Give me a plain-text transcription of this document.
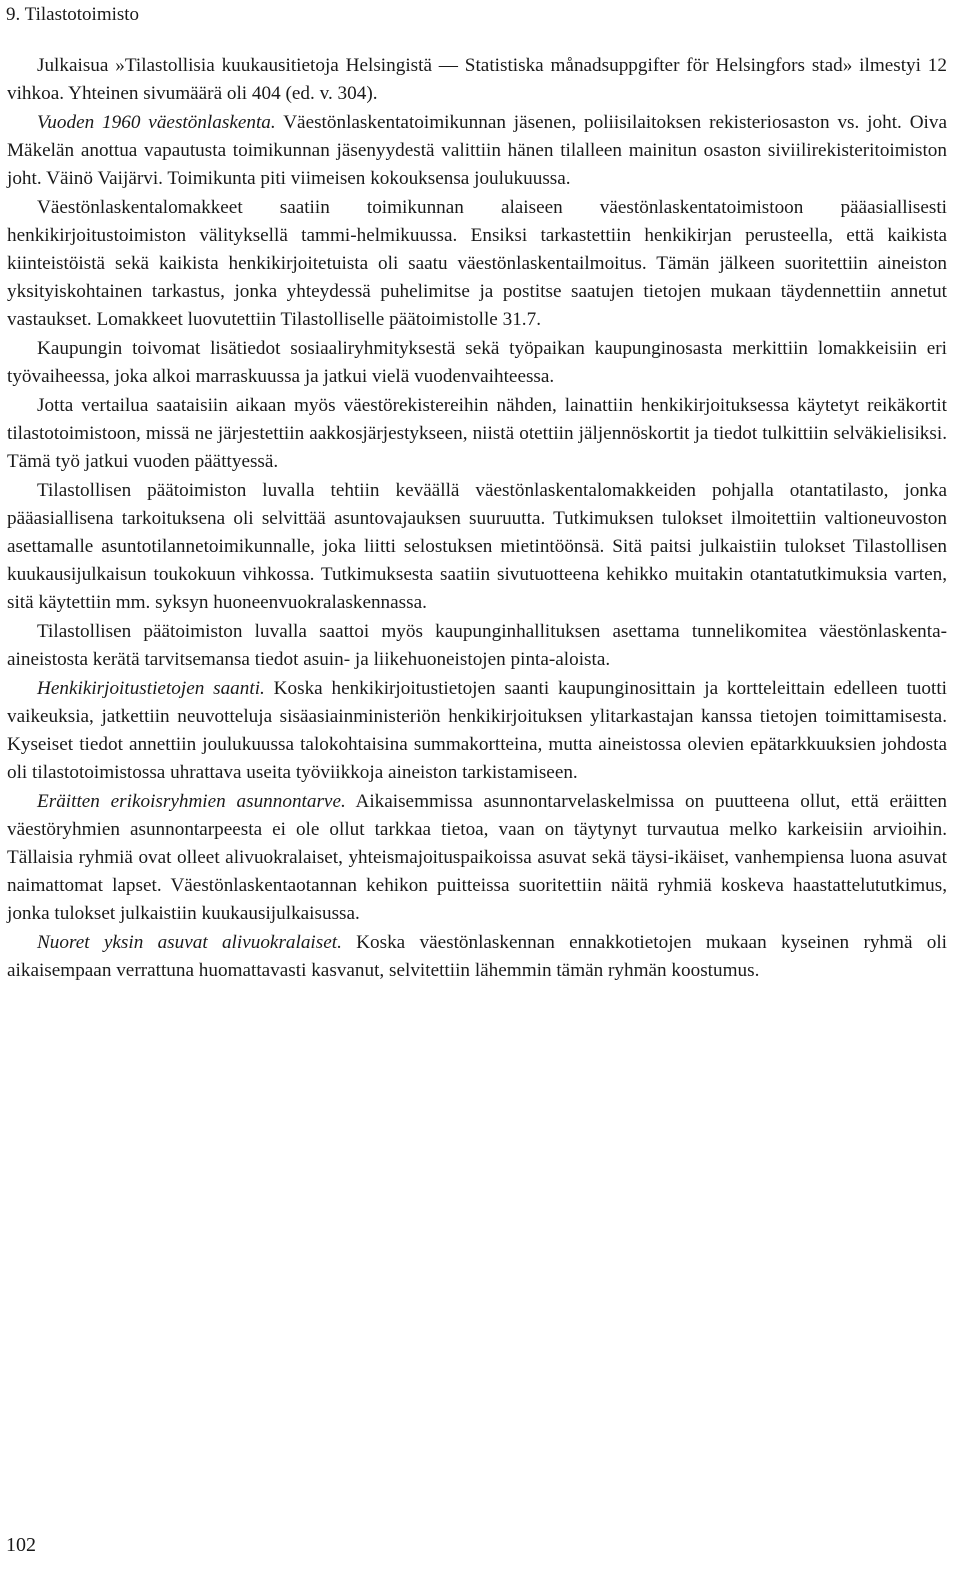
9. Tilastotoimisto

Julkaisua »Tilastollisia kuukausitietoja Helsingistä — Statistiska månadsuppgifter för Helsingfors stad» ilmestyi 12 vihkoa. Yhteinen sivumäärä oli 404 (ed. v. 304).

Vuoden 1960 väestönlaskenta. Väestönlaskentatoimikunnan jäsenen, poliisilaitoksen rekisteriosaston vs. joht. Oiva Mäkelän anottua vapautusta toimikunnan jäsenyydestä valittiin hänen tilalleen mainitun osaston siviilirekisteritoimiston joht. Väinö Vaijärvi. Toimikunta piti viimeisen kokouksensa joulukuussa.

Väestönlaskentalomakkeet saatiin toimikunnan alaiseen väestönlaskentatoimistoon pääasiallisesti henkikirjoitustoimiston välityksellä tammi-helmikuussa. Ensiksi tarkastettiin henkikirjan perusteella, että kaikista kiinteistöistä sekä kaikista henkikirjoitetuista oli saatu väestönlaskentailmoitus. Tämän jälkeen suoritettiin aineiston yksityiskohtainen tarkastus, jonka yhteydessä puhelimitse ja postitse saatujen tietojen mukaan täydennettiin annetut vastaukset. Lomakkeet luovutettiin Tilastolliselle päätoimistolle 31.7.

Kaupungin toivomat lisätiedot sosiaaliryhmityksestä sekä työpaikan kaupunginosasta merkittiin lomakkeisiin eri työvaiheessa, joka alkoi marraskuussa ja jatkui vielä vuodenvaihteessa.

Jotta vertailua saataisiin aikaan myös väestörekistereihin nähden, lainattiin henkikirjoituksessa käytetyt reikäkortit tilastotoimistoon, missä ne järjestettiin aakkosjärjestykseen, niistä otettiin jäljennöskortit ja tiedot tulkittiin selväkielisiksi. Tämä työ jatkui vuoden päättyessä.

Tilastollisen päätoimiston luvalla tehtiin keväällä väestönlaskentalomakkeiden pohjalla otantatilasto, jonka pääasiallisena tarkoituksena oli selvittää asuntovajauksen suuruutta. Tutkimuksen tulokset ilmoitettiin valtioneuvoston asettamalle asuntotilannetoimikunnalle, joka liitti selostuksen mietintöönsä. Sitä paitsi julkaistiin tulokset Tilastollisen kuukausijulkaisun toukokuun vihkossa. Tutkimuksesta saatiin sivutuotteena kehikko muitakin otantatutkimuksia varten, sitä käytettiin mm. syksyn huoneenvuokralaskennassa.

Tilastollisen päätoimiston luvalla saattoi myös kaupunginhallituksen asettama tunnelikomitea väestönlaskenta-aineistosta kerätä tarvitsemansa tiedot asuin- ja liikehuoneistojen pinta-aloista.

Henkikirjoitustietojen saanti. Koska henkikirjoitustietojen saanti kaupunginosittain ja kortteleittain edelleen tuotti vaikeuksia, jatkettiin neuvotteluja sisäasiainministeriön henkikirjoituksen ylitarkastajan kanssa tietojen toimittamisesta. Kyseiset tiedot annettiin joulukuussa talokohtaisina summakortteina, mutta aineistossa olevien epätarkkuuksien johdosta oli tilastotoimistossa uhrattava useita työviikkoja aineiston tarkistamiseen.

Eräitten erikoisryhmien asunnontarve. Aikaisemmissa asunnontarvelaskelmissa on puutteena ollut, että eräitten väestöryhmien asunnontarpeesta ei ole ollut tarkkaa tietoa, vaan on täytynyt turvautua melko karkeisiin arvioihin. Tällaisia ryhmiä ovat olleet alivuokralaiset, yhteismajoituspaikoissa asuvat sekä täysi-ikäiset, vanhempiensa luona asuvat naimattomat lapset. Väestönlaskentaotannan kehikon puitteissa suoritettiin näitä ryhmiä koskeva haastattelututkimus, jonka tulokset julkaistiin kuukausijulkaisussa.

Nuoret yksin asuvat alivuokralaiset. Koska väestönlaskennan ennakkotietojen mukaan kyseinen ryhmä oli aikaisempaan verrattuna huomattavasti kasvanut, selvitettiin lähemmin tämän ryhmän koostumus.

102
